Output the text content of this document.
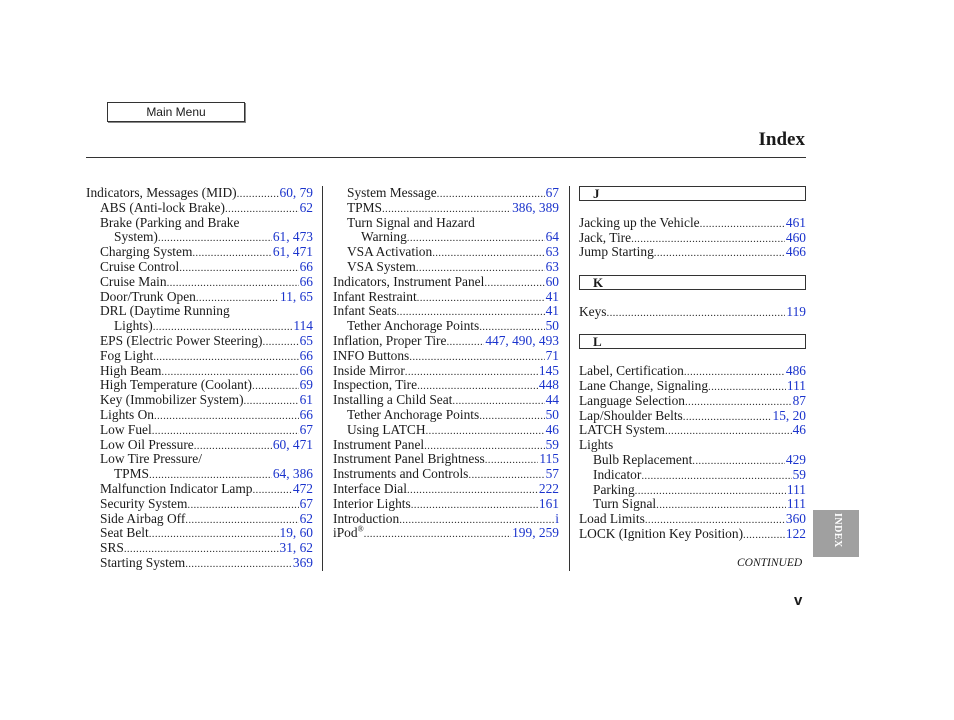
Main Menu
Index
Indicators, Messages (MID) .....	60, 79
ABS (Anti-lock Brake) .....	62
Brake (Parking and Brake
System) .....	61, 473
Charging System .....	61, 471
Cruise Control .....	66
Cruise Main .....	66
Door/Trunk Open .....	11, 65
DRL (Daytime Running
Lights) .....	114
EPS (Electric Power Steering) .....	65
Fog Light .....	66
High Beam .....	66
High Temperature (Coolant) .....	69
Key (Immobilizer System) .....	61
Lights On .....	66
Low Fuel .....	67
Low Oil Pressure .....	60, 471
Low Tire Pressure/
TPMS .....	64, 386
Malfunction Indicator Lamp .....	472
Security System .....	67
Side Airbag Off .....	62
Seat Belt .....	19, 60
SRS .....	31, 62
Starting System .....	369
System Message .....	67
TPMS .....	386, 389
Turn Signal and Hazard
Warning .....	64
VSA Activation .....	63
VSA System .....	63
Indicators, Instrument Panel .....	60
Infant Restraint .....	41
Infant Seats .....	41
Tether Anchorage Points .....	50
Inflation, Proper Tire .....	447, 490, 493
INFO Buttons .....	71
Inside Mirror .....	145
Inspection, Tire .....	448
Installing a Child Seat .....	44
Tether Anchorage Points .....	50
Using LATCH .....	46
Instrument Panel .....	59
Instrument Panel Brightness .....	115
Instruments and Controls .....	57
Interface Dial .....	222
Interior Lights .....	161
Introduction .....	i
iPod® .....	199, 259
J
Jacking up the Vehicle .....	461
Jack, Tire .....	460
Jump Starting .....	466
K
Keys .....	119
L
Label, Certification .....	486
Lane Change, Signaling .....	111
Language Selection .....	87
Lap/Shoulder Belts .....	15, 20
LATCH System .....	46
Lights
Bulb Replacement .....	429
Indicator .....	59
Parking .....	111
Turn Signal .....	111
Load Limits .....	360
LOCK (Ignition Key Position) .....	122
CONTINUED
v
INDEX
